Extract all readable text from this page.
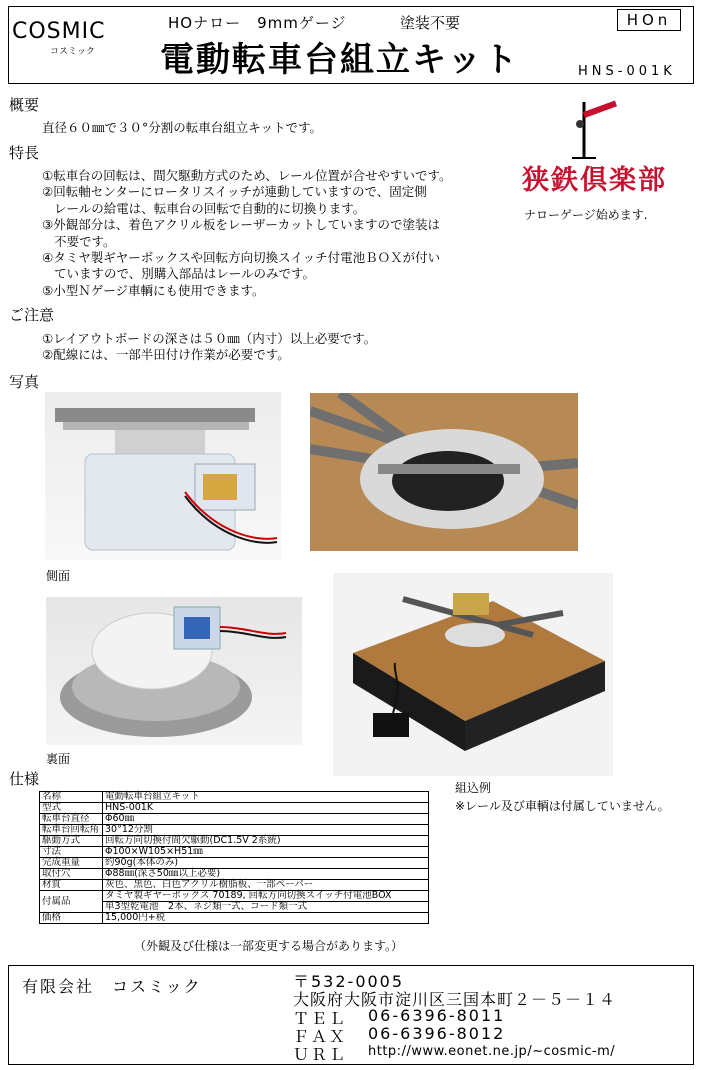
COSMIC
コスミック
HOナロー　9mmゲージ	塗装不要
電動転車台組立キット
HOn
HNS-001K
狭鉄倶楽部
ナローゲージ始めます.
概要
直径６０㎜で３０°分割の転車台組立キットです。
特長
①転車台の回転は、間欠駆動方式のため、レール位置が合せやすいです。
②回転軸センターにロータリスイッチが連動していますので、固定側
レールの給電は、転車台の回転で自動的に切換ります。
③外観部分は、着色アクリル板をレーザーカットしていますので塗装は
不要です。
④タミヤ製ギヤーボックスや回転方向切換スイッチ付電池ＢＯＸが付い
ていますので、別購入部品はレールのみです。
⑤小型Ｎゲージ車輌にも使用できます。
ご注意
①レイアウトボードの深さは５０㎜（内寸）以上必要です。
②配線には、一部半田付け作業が必要です。
写真
側面
裏面
組込例
※レール及び車輌は付属していません。
仕様
名称	電動転車台組立キット
型式	HNS-001K
転車台直径	Φ60㎜
転車台回転角	30°12分割
駆動方式	回転方向切換付間欠駆動(DC1.5V 2系統)
寸法	Φ100×W105×H51㎜
完成重量	約90g(本体のみ)
取付穴	Φ88㎜(深さ50㎜以上必要)
材質	灰色、黒色、白色アクリル樹脂板、一部ペーパー
付属品	タミヤ製ギヤーボックス 70189, 回転方向切換スイッチ付電池BOX
	単3型乾電池　2本、ネジ類一式、コード類一式
価格	15,000円+税
（外観及び仕様は一部変更する場合があります。）
有限会社　コスミック	〒532-0005
大阪府大阪市淀川区三国本町２－５－１４
ＴＥＬ 06-6396-8011
ＦＡＸ 06-6396-8012
ＵＲＬ http://www.eonet.ne.jp/~cosmic-m/
